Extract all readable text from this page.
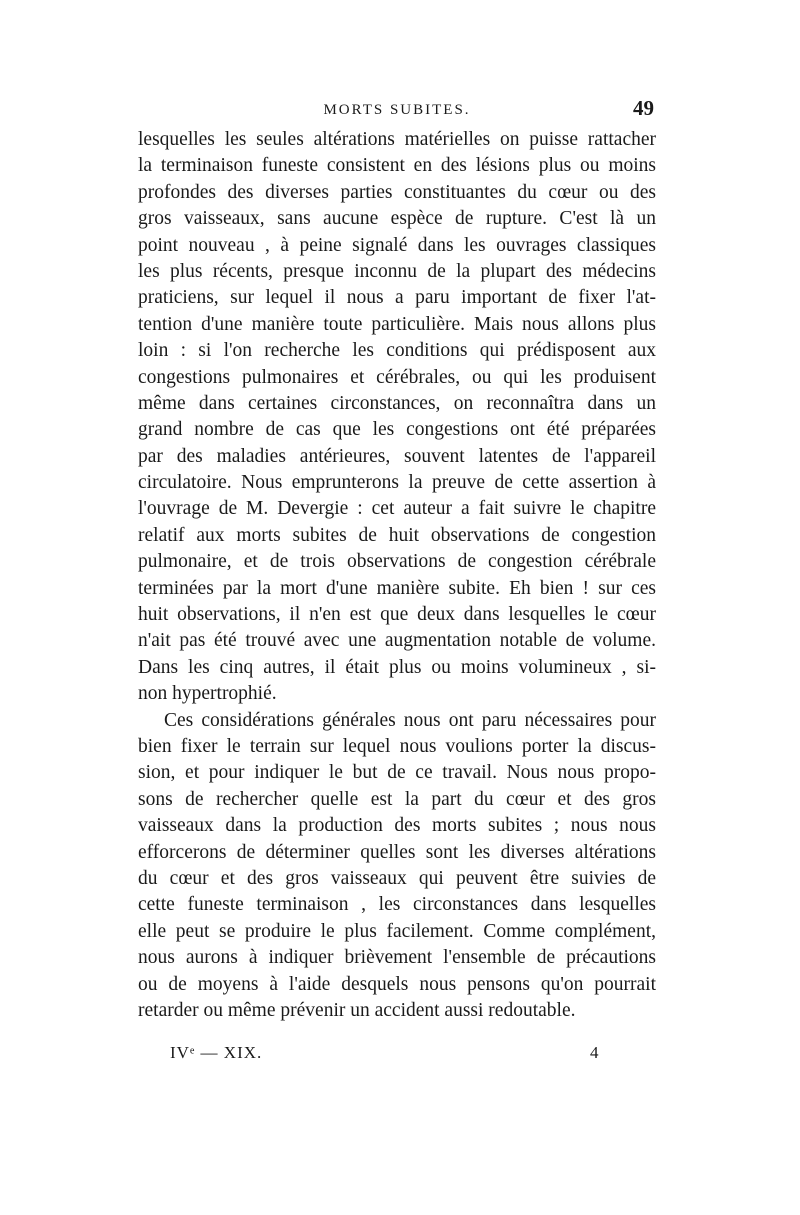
MORTS SUBITES.	49
lesquelles les seules altérations matérielles on puisse rattacher
la terminaison funeste consistent en des lésions plus ou moins
profondes des diverses parties constituantes du cœur ou des
gros vaisseaux, sans aucune espèce de rupture. C'est là un
point nouveau , à peine signalé dans les ouvrages classiques
les plus récents, presque inconnu de la plupart des médecins
praticiens, sur lequel il nous a paru important de fixer l'at-
tention d'une manière toute particulière. Mais nous allons plus
loin : si l'on recherche les conditions qui prédisposent aux
congestions pulmonaires et cérébrales, ou qui les produisent
même dans certaines circonstances, on reconnaîtra dans un
grand nombre de cas que les congestions ont été préparées
par des maladies antérieures, souvent latentes de l'appareil
circulatoire. Nous emprunterons la preuve de cette assertion à
l'ouvrage de M. Devergie : cet auteur a fait suivre le chapitre
relatif aux morts subites de huit observations de congestion
pulmonaire, et de trois observations de congestion cérébrale
terminées par la mort d'une manière subite. Eh bien ! sur ces
huit observations, il n'en est que deux dans lesquelles le cœur
n'ait pas été trouvé avec une augmentation notable de volume.
Dans les cinq autres, il était plus ou moins volumineux , si-
non hypertrophié.
Ces considérations générales nous ont paru nécessaires pour
bien fixer le terrain sur lequel nous voulions porter la discus-
sion, et pour indiquer le but de ce travail. Nous nous propo-
sons de rechercher quelle est la part du cœur et des gros
vaisseaux dans la production des morts subites ; nous nous
efforcerons de déterminer quelles sont les diverses altérations
du cœur et des gros vaisseaux qui peuvent être suivies de
cette funeste terminaison , les circonstances dans lesquelles
elle peut se produire le plus facilement. Comme complément,
nous aurons à indiquer brièvement l'ensemble de précautions
ou de moyens à l'aide desquels nous pensons qu'on pourrait
retarder ou même prévenir un accident aussi redoutable.
IVᵉ — XIX.	4
